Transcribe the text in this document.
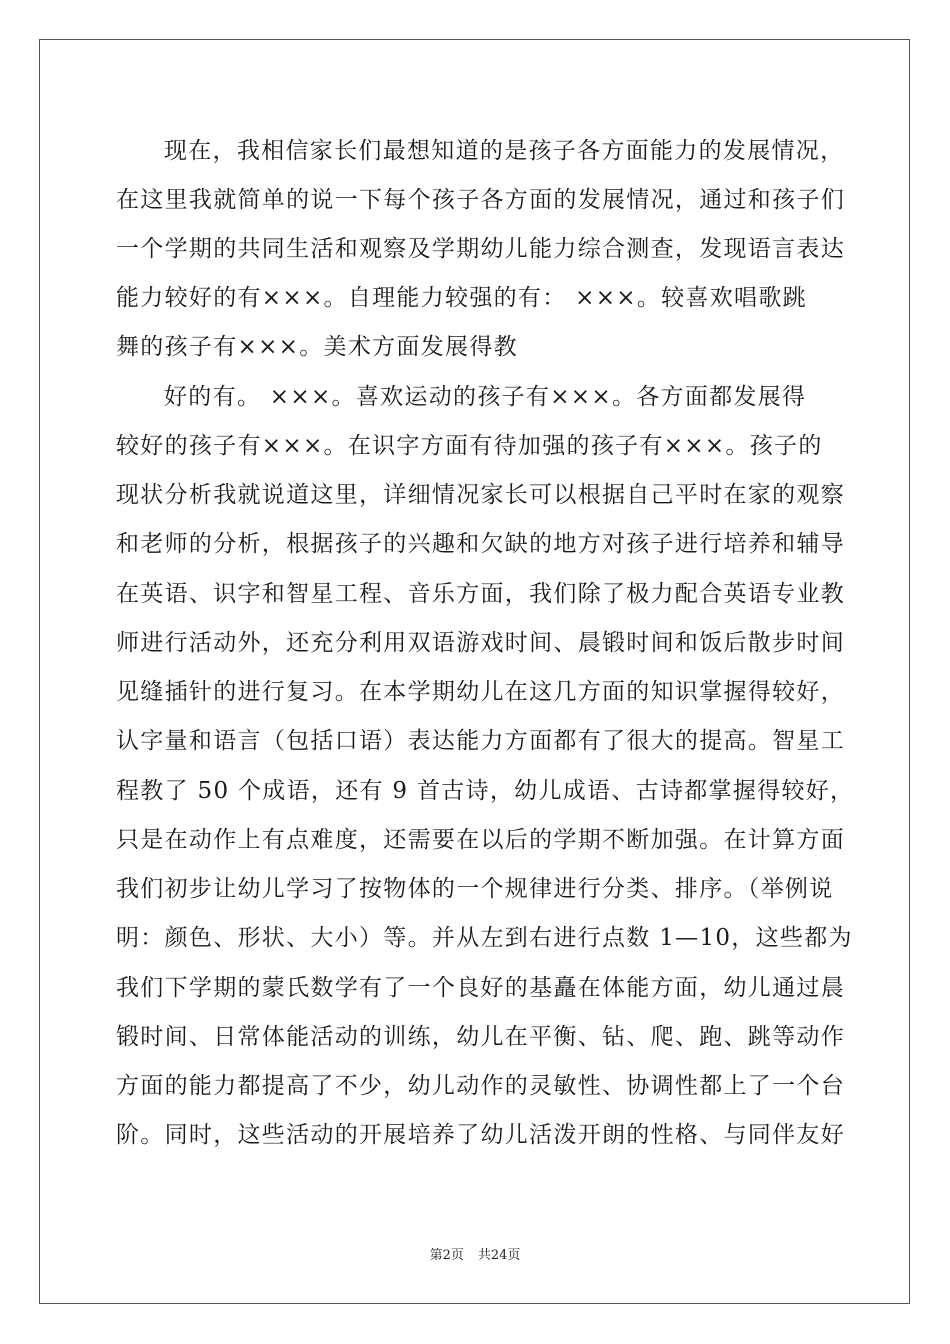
现在，我相信家长们最想知道的是孩子各方面能力的发展情况，
在这里我就简单的说一下每个孩子各方面的发展情况，通过和孩子们
一个学期的共同生活和观察及学期幼儿能力综合测查，发现语言表达
能力较好的有×××。自理能力较强的有： ×××。较喜欢唱歌跳
舞的孩子有×××。美术方面发展得教
好的有。 ×××。喜欢运动的孩子有×××。各方面都发展得
较好的孩子有×××。在识字方面有待加强的孩子有×××。孩子的
现状分析我就说道这里，详细情况家长可以根据自己平时在家的观察
和老师的分析，根据孩子的兴趣和欠缺的地方对孩子进行培养和辅导
在英语、识字和智星工程、音乐方面，我们除了极力配合英语专业教
师进行活动外，还充分利用双语游戏时间、晨锻时间和饭后散步时间
见缝插针的进行复习。在本学期幼儿在这几方面的知识掌握得较好，
认字量和语言（包括口语）表达能力方面都有了很大的提高。智星工
程教了 50 个成语，还有 9 首古诗，幼儿成语、古诗都掌握得较好，
只是在动作上有点难度，还需要在以后的学期不断加强。在计算方面
我们初步让幼儿学习了按物体的一个规律进行分类、排序。（举例说
明：颜色、形状、大小）等。并从左到右进行点数 1—10，这些都为
我们下学期的蒙氏数学有了一个良好的基矗在体能方面，幼儿通过晨
锻时间、日常体能活动的训练，幼儿在平衡、钻、爬、跑、跳等动作
方面的能力都提高了不少，幼儿动作的灵敏性、协调性都上了一个台
阶。同时，这些活动的开展培养了幼儿活泼开朗的性格、与同伴友好
第2页 共24页
